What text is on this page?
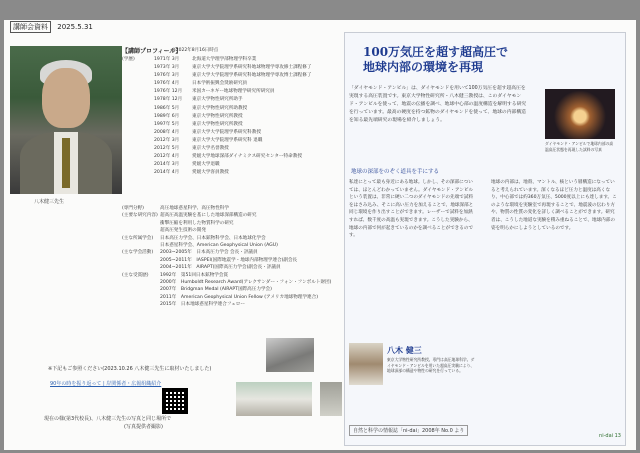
講師会資料 2025.5.31
八木健三先生
【講師プロフィール】
※2022年8月16日時点
(学歴)	1971年 3月	北海道大学理学部物理学科卒業
1973年 3月	東京大学大学院理学系研究科地球物理学専攻修士課程修了
1976年 3月	東京大学大学院理学系研究科地球物理学専攻博士課程修了
1976年 4月	日本学術振興会奨励研究員
1976年 12月	米国カーネギー地球物理学研究所研究員
1978年 12月	東京大学物性研究所助手
1986年 5月	東京大学物性研究所助教授
1989年 6月	東京大学物性研究所教授
1997年 5月	東京大学物性研究所教授
2008年 4月	東京大学大学院理学系研究科教授
2012年 3月	東京大学大学院理学系研究科 退職
2012年 5月	東京大学名誉教授
2012年 4月	愛媛大学地球深部ダイナミクス研究センター特命教授
2014年 3月	愛媛大学退職
2014年 4月	愛媛大学客員教授
(専門分野)	高圧地球惑星科学、高圧物性科学
(主要な研究内容) 超高圧高温実験を基にした地球深部構造の研究
衝撃圧縮を利用した物質科学の研究
超高圧発生技術の開発
(主な所属学会)	日本高圧力学会、日本鉱物科学会、日本地球化学会
日本惑星科学会、American Geophysical Union (AGU)
(主な学会活動)	2003~2005年　日本高圧力学会 会長・評議員
2005~2011年　IASPEI(国際地震学・地球内部物理学連合)副会長
2004~2011年　AIRAPT(国際高圧力学会)副会長・評議員
(主な受賞歴)	1992年　第51回日本鉱物学会賞
2000年　Humboldt Research Award(アレクサンダー・フォン・フンボルト財団)
2007年　Bridgman Medal (AIRAPT国際高圧力学会)
2011年　American Geophysical Union Fellow (アメリカ地球物理学連合)
2015年　日本地球惑星科学連合フェロー
※下記もご参照ください(2023.10.26 八木健三先生に取材いたしました)
90年の時を振り返って | 岸関係者・広報組織紹介
現在の様(第3代校長)、八木健三先生の写真と同じ場所で
(写真提供者撮影)
100万気圧を超す超高圧で
地球内部の環境を再現
「ダイヤモンド・アンビル」は、ダイヤモンドを用いて100万気圧を超す超高圧を実現する高圧装置です。東京大学物性研究所・八木健三教授は、このダイヤモンド・アンビルを使って、地震の伝播を調べ、地球中心部の温度構造を解明する研究を行っています。最高の硬度を持つ鉱物のダイヤモンドを使って、地球の内部構造を知る最先端研究の現場を紹介しましょう。
ダイヤモンド・アンビルで地球内部の高温高圧状態を再現した試料の写真
地球の深部をのぞく道具を手にする
私達にとって最も身近にある地球。しかし、その深部については、ほとんどわかっていません。ダイヤモンド・アンビルという装置は、非常に硬い二つのダイヤモンドの先端で試料をはさみ込み、そこに高い圧力を加えることで、地球深部と同じ環境を作り出すことができます。レーザーで試料を加熱すれば、数千度の高温も実現できます。こうした実験から、地球の内部で何が起きているのかを調べることができるのです。
地球の内部は、地殻、マントル、核という層構造になっていると考えられています。深くなるほど圧力と温度は高くなり、中心部では約360万気圧、5000度以上にも達します。このような環境を実験室で再現することで、地震波の伝わり方や、物質の性質の変化を詳しく調べることができます。研究者は、こうした地道な実験を積み重ねることで、地球内部の姿を明らかにしようとしているのです。
八木 健三
東京大学物性研究所教授。専門は高圧地球科学。ダイヤモンド・アンビルを用いた超高圧実験により、地球深部の構造や物性の研究を行っている。
自然と科学の情報誌「ni-dai」2008年 No.0 より
ni-dai 13
